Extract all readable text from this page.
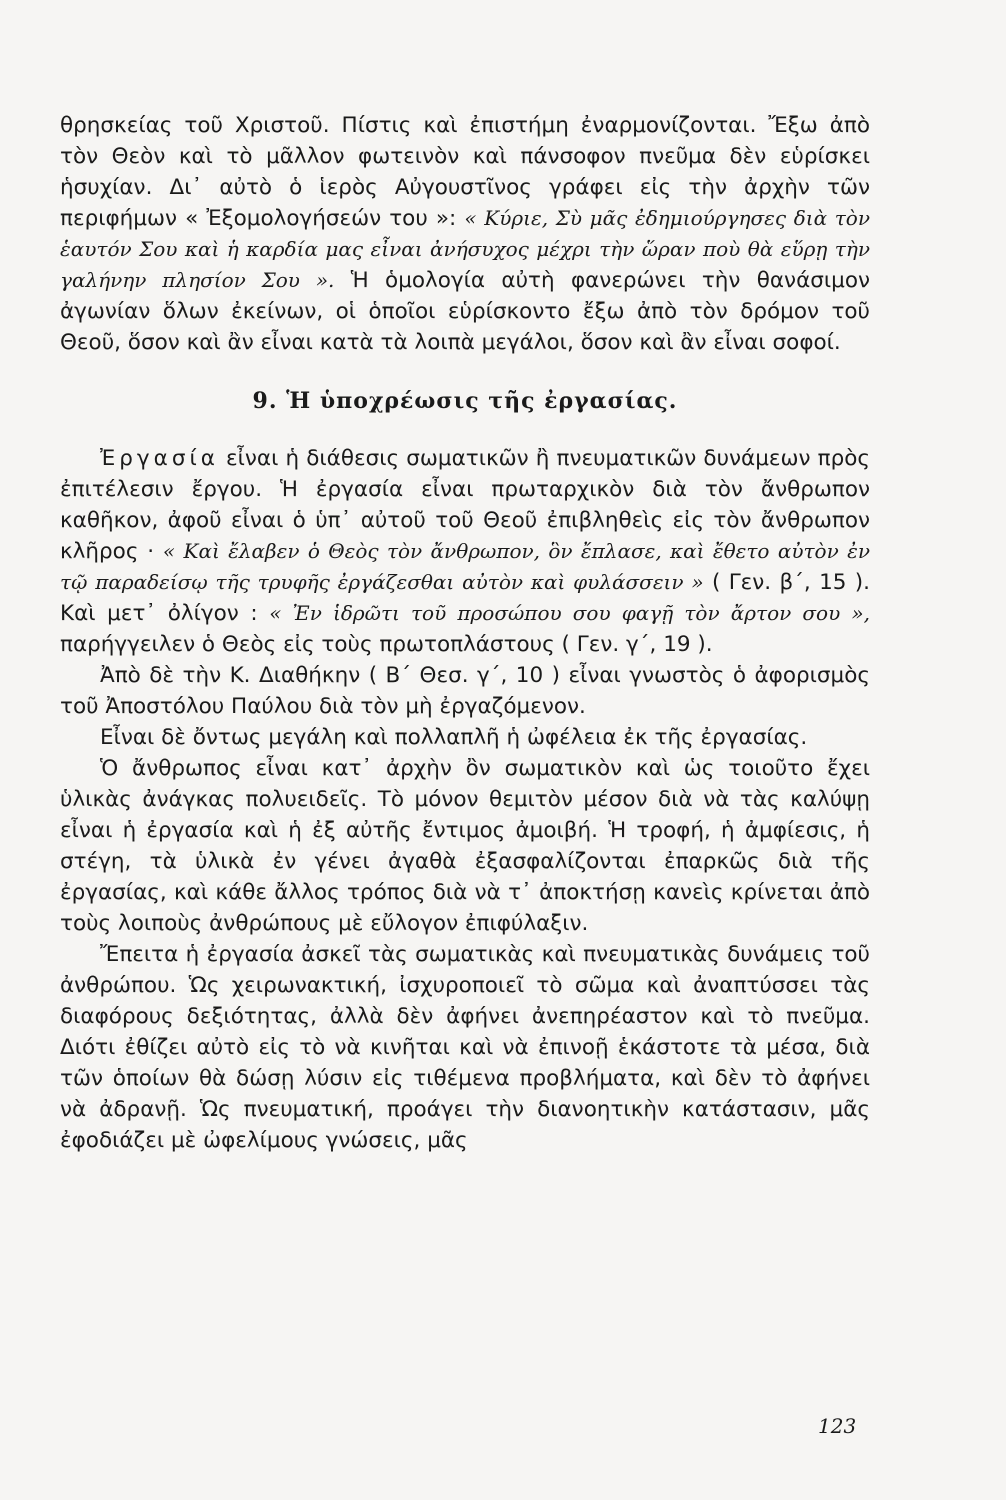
θρησκείας τοῦ Χριστοῦ. Πίστις καὶ ἐπιστήμη ἐναρμονίζονται. Ἔξω ἀπὸ τὸν Θεὸν καὶ τὸ μᾶλλον φωτεινὸν καὶ πάνσοφον πνεῦμα δὲν εὑρίσκει ἡσυχίαν. Δι᾽ αὐτὸ ὁ ἱερὸς Αὐγουστῖνος γράφει εἰς τὴν ἀρχὴν τῶν περιφήμων « Ἐξομολογήσεών του »: « Κύριε, Σὺ μᾶς ἐδημιούργησες διὰ τὸν ἑαυτόν Σου καὶ ἡ καρδία μας εἶναι ἀνήσυχος μέχρι τὴν ὥραν ποὺ θὰ εὕρῃ τὴν γαλήνην πλησίον Σου ». Ἡ ὁμολογία αὐτὴ φανερώνει τὴν θανάσιμον ἀγωνίαν ὅλων ἐκείνων, οἱ ὁποῖοι εὑρίσκοντο ἔξω ἀπὸ τὸν δρόμον τοῦ Θεοῦ, ὅσον καὶ ἂν εἶναι κατὰ τὰ λοιπὰ μεγάλοι, ὅσον καὶ ἂν εἶναι σοφοί.

9. Ἡ ὑποχρέωσις τῆς ἐργασίας.

Ἐργασία εἶναι ἡ διάθεσις σωματικῶν ἢ πνευματικῶν δυνάμεων πρὸς ἐπιτέλεσιν ἔργου. Ἡ ἐργασία εἶναι πρωταρχικὸν διὰ τὸν ἄνθρωπον καθῆκον, ἀφοῦ εἶναι ὁ ὑπ᾽ αὐτοῦ τοῦ Θεοῦ ἐπιβληθεὶς εἰς τὸν ἄνθρωπον κλῆρος · « Καὶ ἔλαβεν ὁ Θεὸς τὸν ἄνθρωπον, ὃν ἔπλασε, καὶ ἔθετο αὐτὸν ἐν τῷ παραδείσῳ τῆς τρυφῆς ἐργάζεσθαι αὐτὸν καὶ φυλάσσειν » ( Γεν. β΄, 15 ). Καὶ μετ᾽ ὀλίγον : « Ἐν ἱδρῶτι τοῦ προσώπου σου φαγῇ τὸν ἄρτον σου », παρήγγειλεν ὁ Θεὸς εἰς τοὺς πρωτοπλάστους ( Γεν. γ΄, 19 ).

Ἀπὸ δὲ τὴν Κ. Διαθήκην ( Β΄ Θεσ. γ΄, 10 ) εἶναι γνωστὸς ὁ ἀφορισμὸς τοῦ Ἀποστόλου Παύλου διὰ τὸν μὴ ἐργαζόμενον.

Εἶναι δὲ ὄντως μεγάλη καὶ πολλαπλῆ ἡ ὠφέλεια ἐκ τῆς ἐργασίας.

Ὁ ἄνθρωπος εἶναι κατ᾽ ἀρχὴν ὂν σωματικὸν καὶ ὡς τοιοῦτο ἔχει ὑλικὰς ἀνάγκας πολυειδεῖς. Τὸ μόνον θεμιτὸν μέσον διὰ νὰ τὰς καλύψῃ εἶναι ἡ ἐργασία καὶ ἡ ἐξ αὐτῆς ἔντιμος ἀμοιβή. Ἡ τροφή, ἡ ἀμφίεσις, ἡ στέγη, τὰ ὑλικὰ ἐν γένει ἀγαθὰ ἐξασφαλίζονται ἐπαρκῶς διὰ τῆς ἐργασίας, καὶ κάθε ἄλλος τρόπος διὰ νὰ τ᾽ ἀποκτήσῃ κανεὶς κρίνεται ἀπὸ τοὺς λοιποὺς ἀνθρώπους μὲ εὔλογον ἐπιφύλαξιν.

Ἔπειτα ἡ ἐργασία ἀσκεῖ τὰς σωματικὰς καὶ πνευματικὰς δυνάμεις τοῦ ἀνθρώπου. Ὡς χειρωνακτική, ἰσχυροποιεῖ τὸ σῶμα καὶ ἀναπτύσσει τὰς διαφόρους δεξιότητας, ἀλλὰ δὲν ἀφήνει ἀνεπηρέαστον καὶ τὸ πνεῦμα. Διότι ἐθίζει αὐτὸ εἰς τὸ νὰ κινῆται καὶ νὰ ἐπινοῇ ἑκάστοτε τὰ μέσα, διὰ τῶν ὁποίων θὰ δώσῃ λύσιν εἰς τιθέμενα προβλήματα, καὶ δὲν τὸ ἀφήνει νὰ ἀδρανῇ. Ὡς πνευματική, προάγει τὴν διανοητικὴν κατάστασιν, μᾶς ἐφοδιάζει μὲ ὠφελίμους γνώσεις, μᾶς

123
